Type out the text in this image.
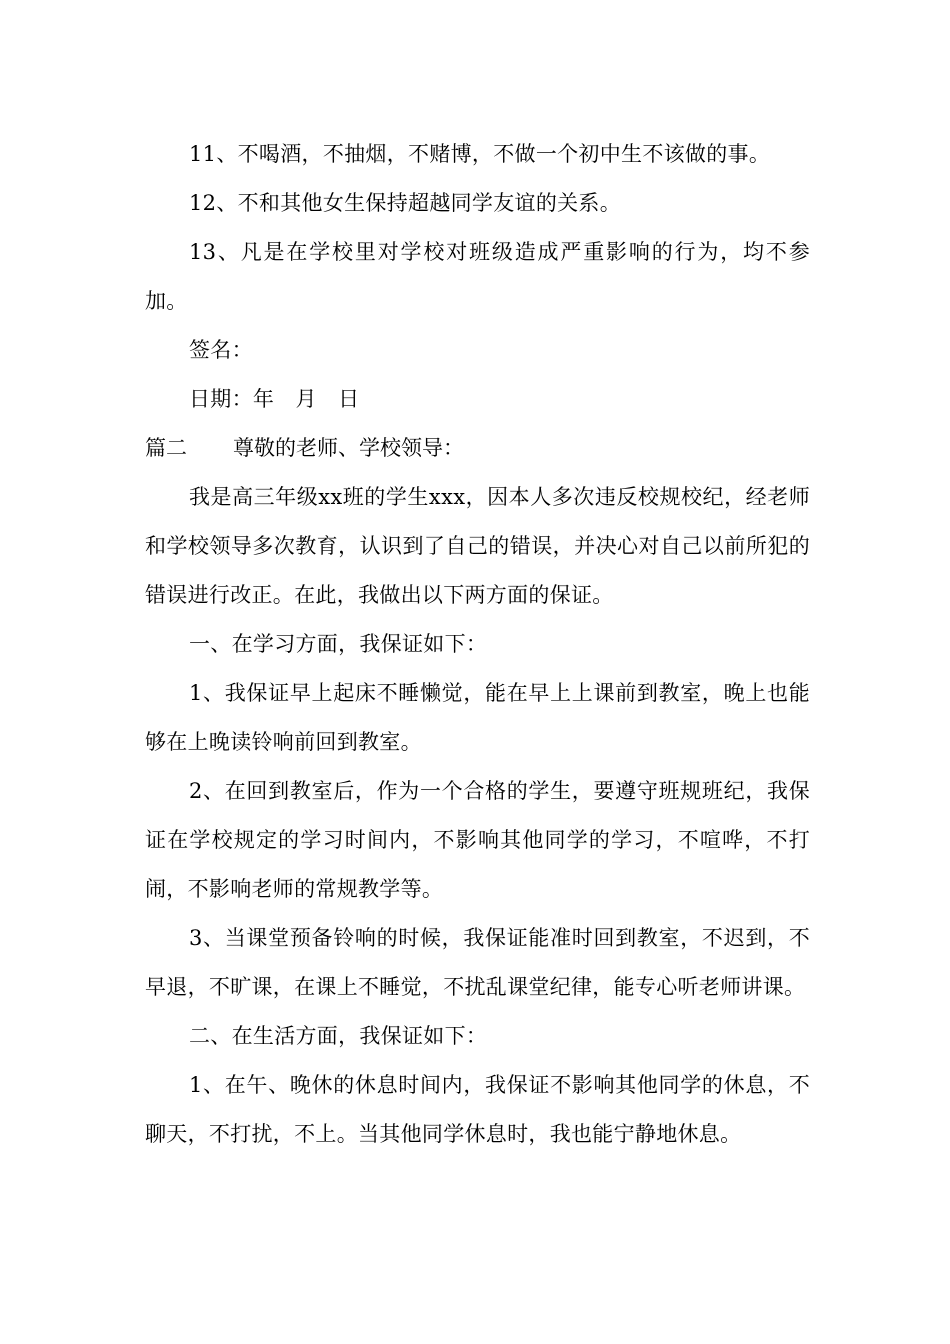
11、不喝酒，不抽烟，不赌博，不做一个初中生不该做的事。

12、不和其他女生保持超越同学友谊的关系。

13、凡是在学校里对学校对班级造成严重影响的行为，均不参加。

签名：

日期：年　月　日

篇二	尊敬的老师、学校领导：

我是高三年级xx班的学生xxx，因本人多次违反校规校纪，经老师和学校领导多次教育，认识到了自己的错误，并决心对自己以前所犯的错误进行改正。在此，我做出以下两方面的保证。

一、在学习方面，我保证如下：

1、我保证早上起床不睡懒觉，能在早上上课前到教室，晚上也能够在上晚读铃响前回到教室。

2、在回到教室后，作为一个合格的学生，要遵守班规班纪，我保证在学校规定的学习时间内，不影响其他同学的学习，不喧哗，不打闹，不影响老师的常规教学等。

3、当课堂预备铃响的时候，我保证能准时回到教室，不迟到，不早退，不旷课，在课上不睡觉，不扰乱课堂纪律，能专心听老师讲课。

二、在生活方面，我保证如下：

1、在午、晚休的休息时间内，我保证不影响其他同学的休息，不聊天，不打扰，不上。当其他同学休息时，我也能宁静地休息。
